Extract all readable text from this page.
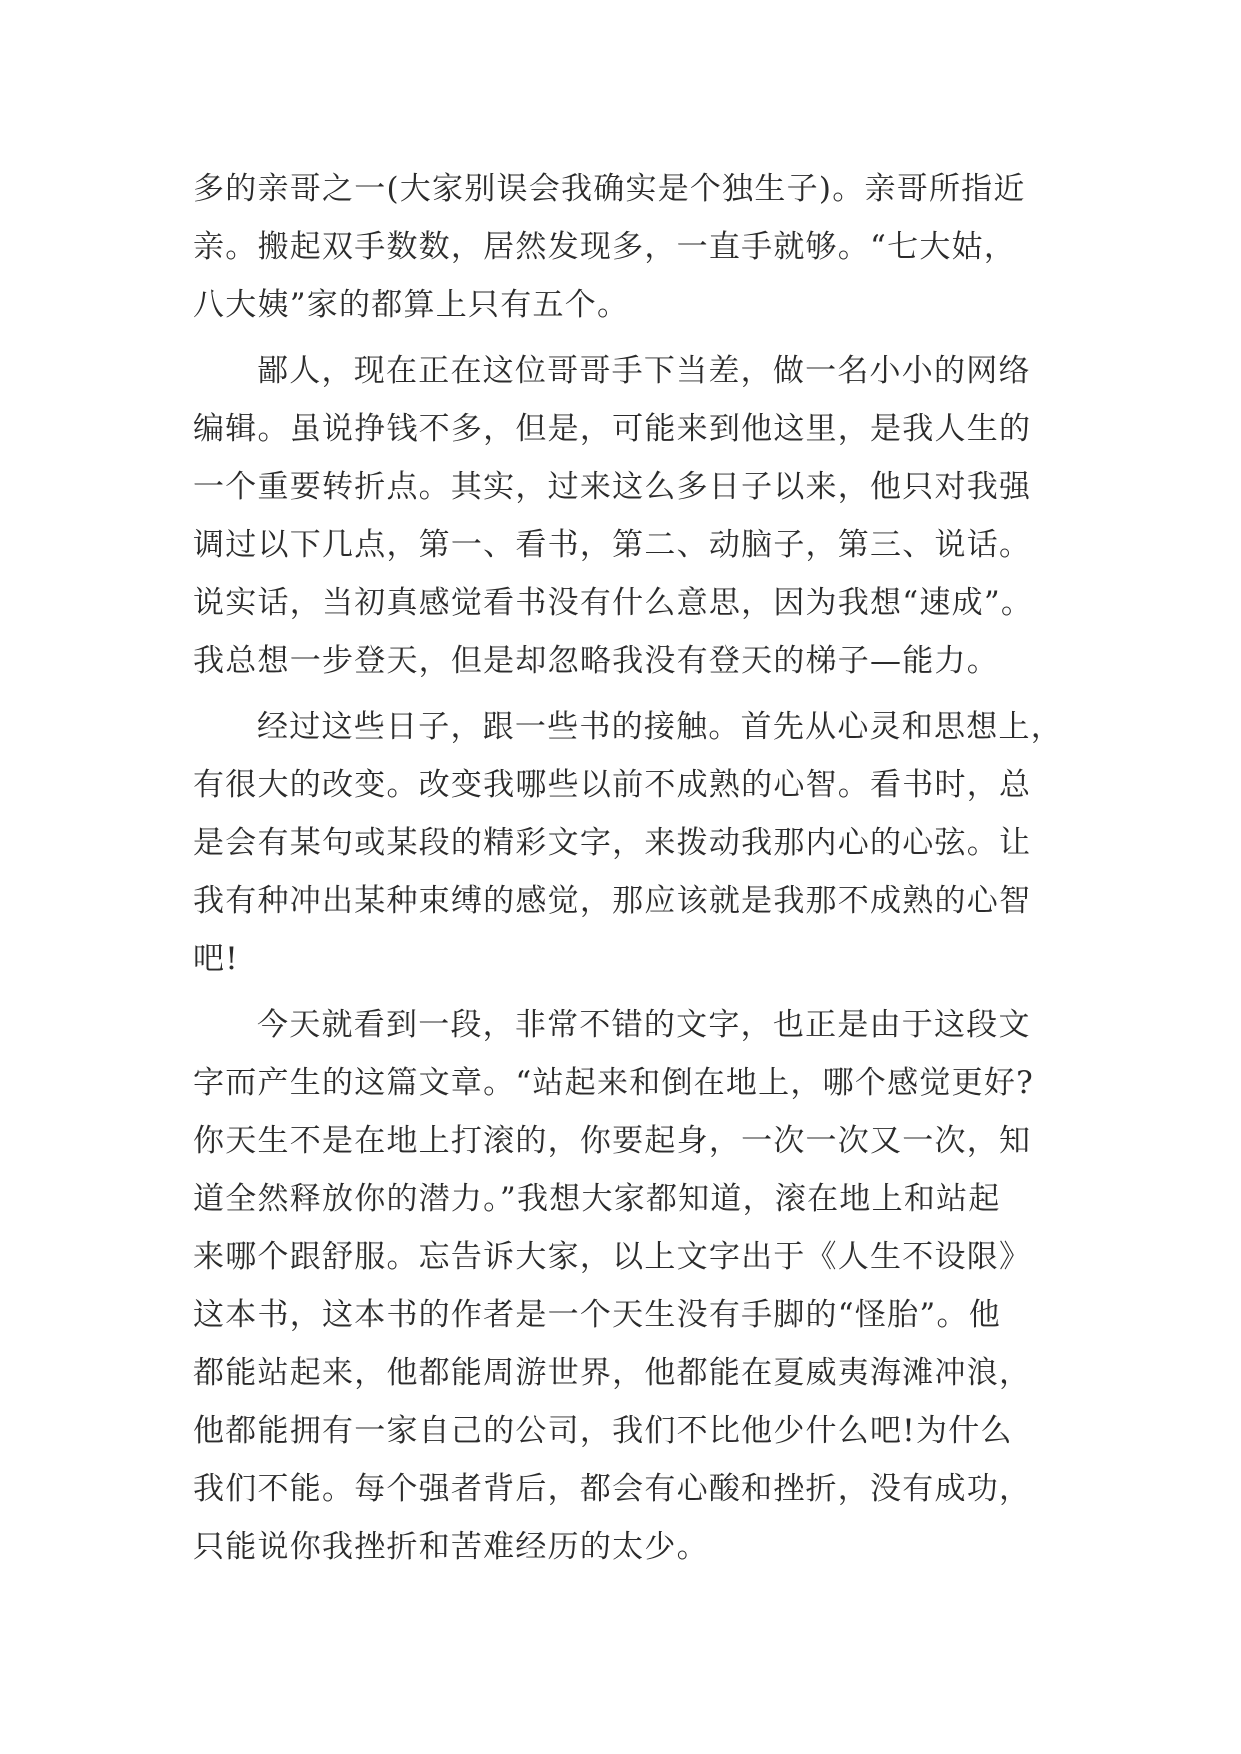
多的亲哥之一(大家别误会我确实是个独生子)。亲哥所指近
亲。搬起双手数数，居然发现多，一直手就够。“七大姑，
八大姨”家的都算上只有五个。
鄙人，现在正在这位哥哥手下当差，做一名小小的网络
编辑。虽说挣钱不多，但是，可能来到他这里，是我人生的
一个重要转折点。其实，过来这么多日子以来，他只对我强
调过以下几点，第一、看书，第二、动脑子，第三、说话。
说实话，当初真感觉看书没有什么意思，因为我想“速成”。
我总想一步登天，但是却忽略我没有登天的梯子—能力。
经过这些日子，跟一些书的接触。首先从心灵和思想上，
有很大的改变。改变我哪些以前不成熟的心智。看书时，总
是会有某句或某段的精彩文字，来拨动我那内心的心弦。让
我有种冲出某种束缚的感觉，那应该就是我那不成熟的心智
吧!
今天就看到一段，非常不错的文字，也正是由于这段文
字而产生的这篇文章。“站起来和倒在地上，哪个感觉更好?
你天生不是在地上打滚的，你要起身，一次一次又一次，知
道全然释放你的潜力。”我想大家都知道，滚在地上和站起
来哪个跟舒服。忘告诉大家，以上文字出于《人生不设限》
这本书，这本书的作者是一个天生没有手脚的“怪胎”。他
都能站起来，他都能周游世界，他都能在夏威夷海滩冲浪，
他都能拥有一家自己的公司，我们不比他少什么吧!为什么
我们不能。每个强者背后，都会有心酸和挫折，没有成功，
只能说你我挫折和苦难经历的太少。
